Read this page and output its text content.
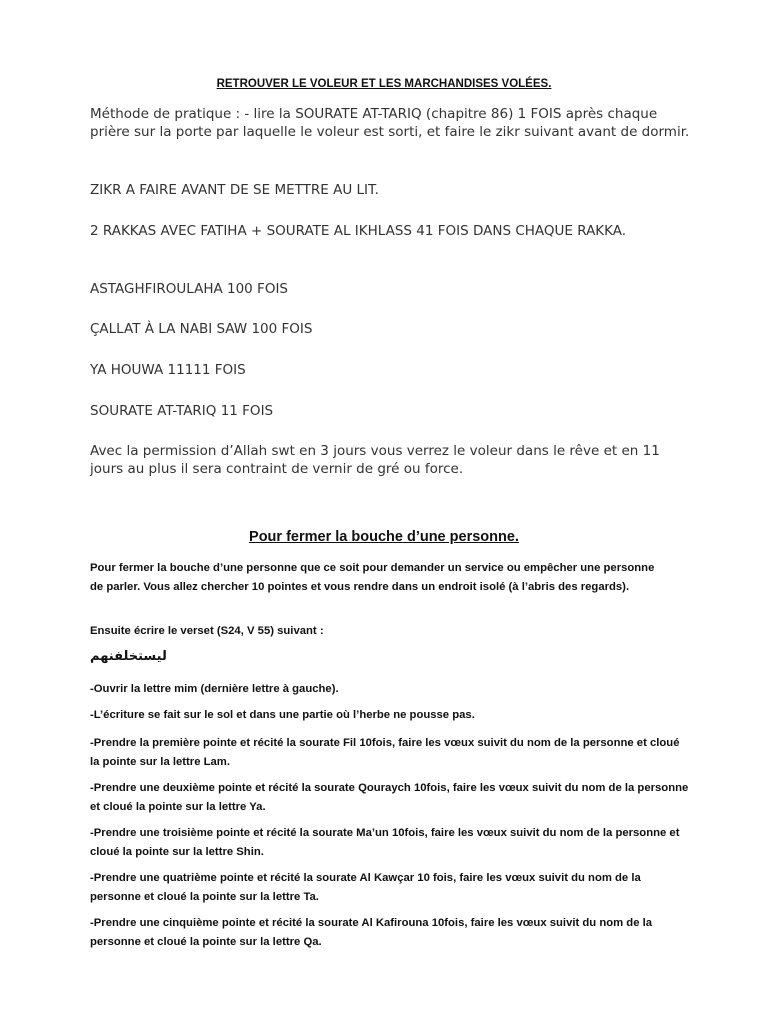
RETROUVER LE VOLEUR ET LES MARCHANDISES VOLÉES.

Méthode de pratique : - lire la SOURATE AT-TARIQ (chapitre 86) 1 FOIS après chaque prière sur la porte par laquelle le voleur est sorti, et faire le zikr suivant avant de dormir.

ZIKR A FAIRE AVANT DE SE METTRE AU LIT.

2 RAKKAS AVEC FATIHA + SOURATE AL IKHLASS 41 FOIS DANS CHAQUE RAKKA.

ASTAGHFIROULAHA 100 FOIS

ÇALLAT À LA NABI SAW 100 FOIS

YA HOUWA 11111 FOIS

SOURATE AT-TARIQ 11 FOIS

Avec la permission d’Allah swt en 3 jours vous verrez le voleur dans le rêve et en 11 jours au plus il sera contraint de vernir de gré ou force.

Pour fermer la bouche d’une personne.

Pour fermer la bouche d’une personne que ce soit pour demander un service ou empêcher une personne de parler. Vous allez chercher 10 pointes et vous rendre dans un endroit isolé (à l’abris des regards).

Ensuite écrire le verset (S24, V 55) suivant :

ليستخلفنهم

-Ouvrir la lettre mim (dernière lettre à gauche).

-L’écriture se fait sur le sol et dans une partie où l’herbe ne pousse pas.

-Prendre la première pointe et récité la sourate Fil 10fois, faire les vœux suivit du nom de la personne et cloué la pointe sur la lettre Lam.

-Prendre une deuxième pointe et récité la sourate Qouraych 10fois, faire les vœux suivit du nom de la personne et cloué la pointe sur la lettre Ya.

-Prendre une troisième pointe et récité la sourate Ma’un 10fois, faire les vœux suivit du nom de la personne et cloué la pointe sur la lettre Shin.

-Prendre une quatrième pointe et récité la sourate Al Kawçar 10 fois, faire les vœux suivit du nom de la personne et cloué la pointe sur la lettre Ta.

-Prendre une cinquième pointe et récité la sourate Al Kafirouna 10fois, faire les vœux suivit du nom de la personne et cloué la pointe sur la lettre Qa.
